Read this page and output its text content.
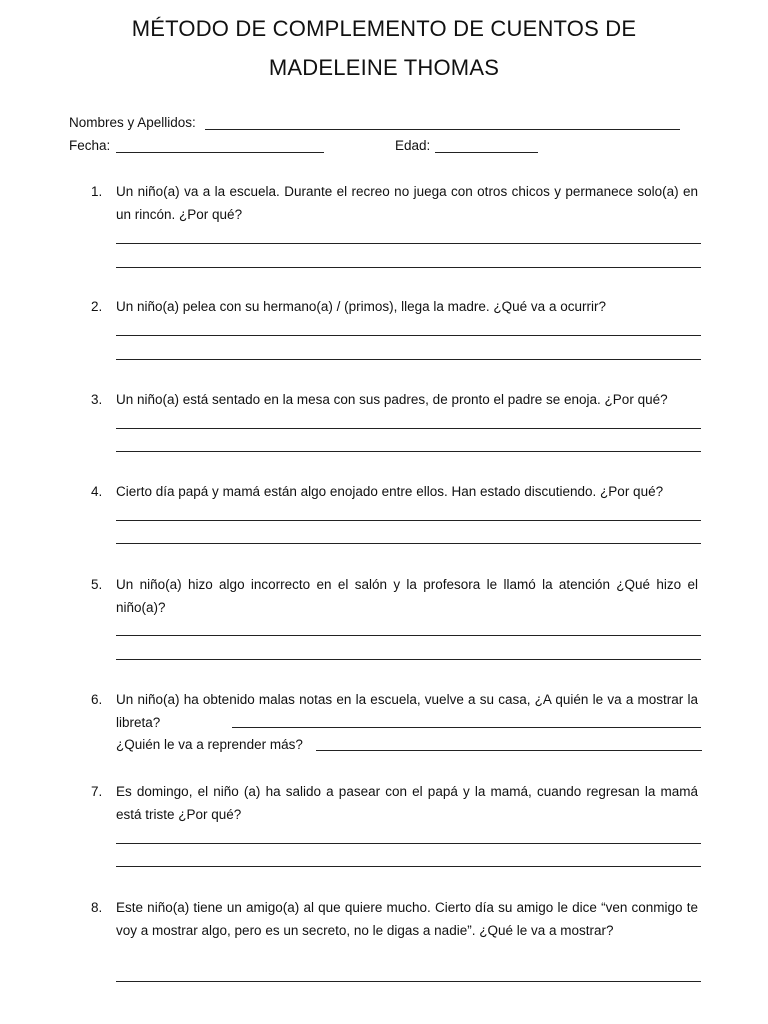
MÉTODO DE COMPLEMENTO DE CUENTOS DE
MADELEINE THOMAS
Nombres y Apellidos:
Fecha:	Edad:
1. Un niño(a) va a la escuela. Durante el recreo no juega con otros chicos y permanece solo(a) en un rincón. ¿Por qué?
2. Un niño(a) pelea con su hermano(a) / (primos), llega la madre. ¿Qué va a ocurrir?
3. Un niño(a) está sentado en la mesa con sus padres, de pronto el padre se enoja. ¿Por qué?
4. Cierto día papá y mamá están algo enojado entre ellos. Han estado discutiendo. ¿Por qué?
5. Un niño(a) hizo algo incorrecto en el salón y la profesora le llamó la atención ¿Qué hizo el niño(a)?
6. Un niño(a) ha obtenido malas notas en la escuela, vuelve a su casa, ¿A quién le va a mostrar la libreta?
¿Quién le va a reprender más?
7. Es domingo, el niño (a) ha salido a pasear con el papá y la mamá, cuando regresan la mamá está triste ¿Por qué?
8. Este niño(a) tiene un amigo(a) al que quiere mucho. Cierto día su amigo le dice “ven conmigo te voy a mostrar algo, pero es un secreto, no le digas a nadie”. ¿Qué le va a mostrar?
